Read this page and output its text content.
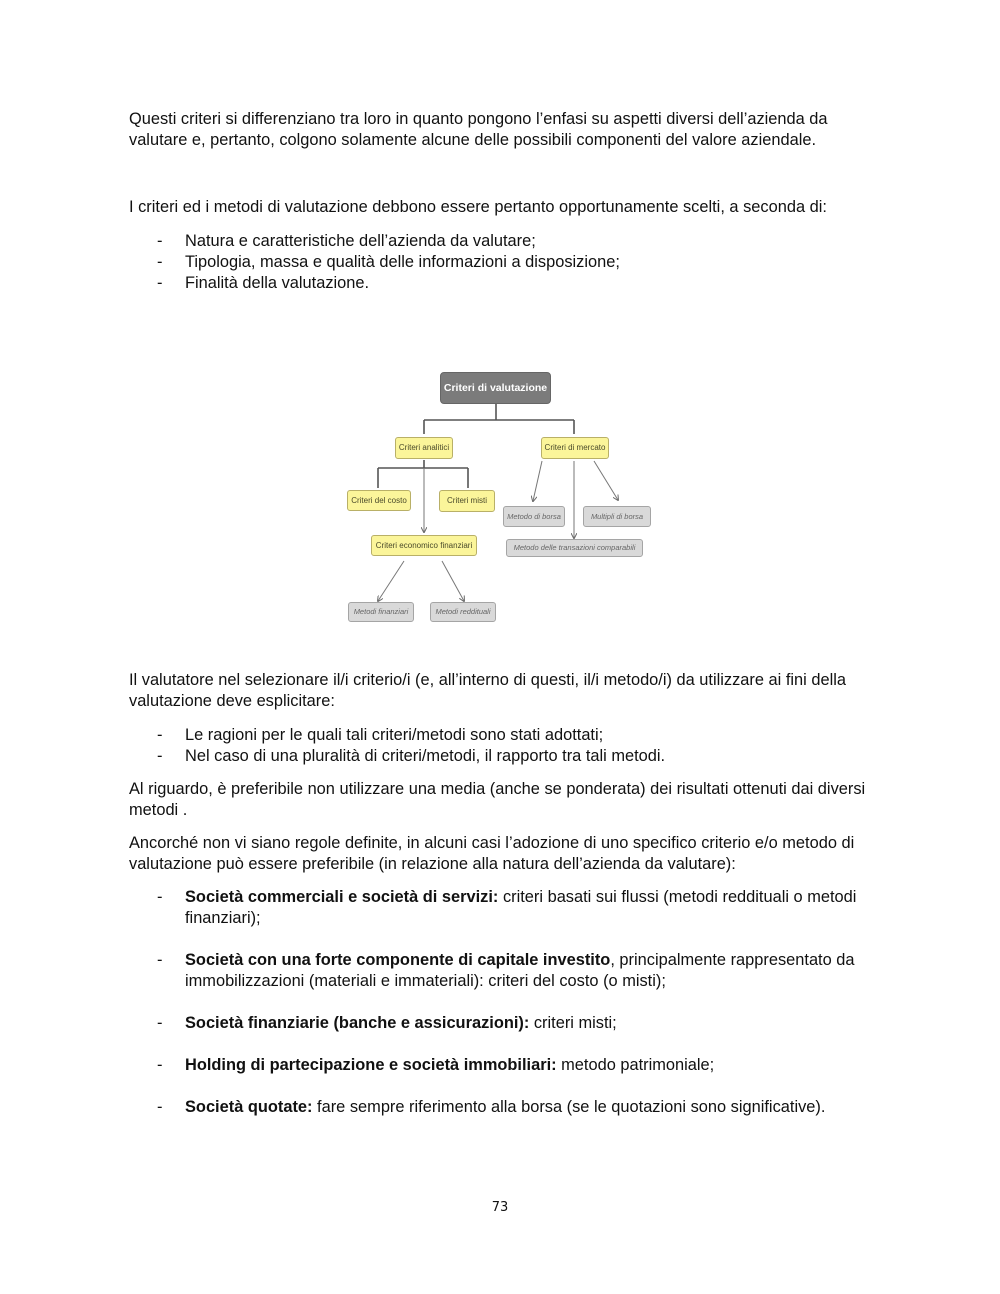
Questi criteri si differenziano tra loro in quanto pongono l’enfasi su aspetti diversi dell’azienda da valutare e, pertanto, colgono solamente alcune delle possibili componenti del valore aziendale.

I criteri ed i metodi di valutazione debbono essere pertanto opportunamente scelti, a seconda di:

- Natura e caratteristiche dell’azienda da valutare;
- Tipologia, massa e qualità delle informazioni a disposizione;
- Finalità della valutazione.
Criteri di valutazione
Criteri analitici	Criteri di mercato
Criteri del costo	Criteri misti
Criteri economico finanziari
Metodo di borsa	Multipli di borsa
Metodo delle transazioni comparabili
Metodi finanziari	Metodi reddituali

Il valutatore nel selezionare il/i criterio/i (e, all’interno di questi, il/i metodo/i) da utilizzare ai fini della valutazione deve esplicitare:

- Le ragioni per le quali tali criteri/metodi sono stati adottati;
- Nel caso di una pluralità di criteri/metodi, il rapporto tra tali metodi.

Al riguardo, è preferibile non utilizzare una media (anche se ponderata) dei risultati ottenuti dai diversi metodi .

Ancorché non vi siano regole definite, in alcuni casi l’adozione di uno specifico criterio e/o metodo di valutazione può essere preferibile (in relazione alla natura dell’azienda da valutare):

- Società commerciali e società di servizi: criteri basati sui flussi (metodi reddituali o metodi finanziari);
- Società con una forte componente di capitale investito, principalmente rappresentato da immobilizzazioni (materiali e immateriali): criteri del costo (o misti);
- Società finanziarie (banche e assicurazioni): criteri misti;
- Holding di partecipazione e società immobiliari: metodo patrimoniale;
- Società quotate: fare sempre riferimento alla borsa (se le quotazioni sono significative).
73
